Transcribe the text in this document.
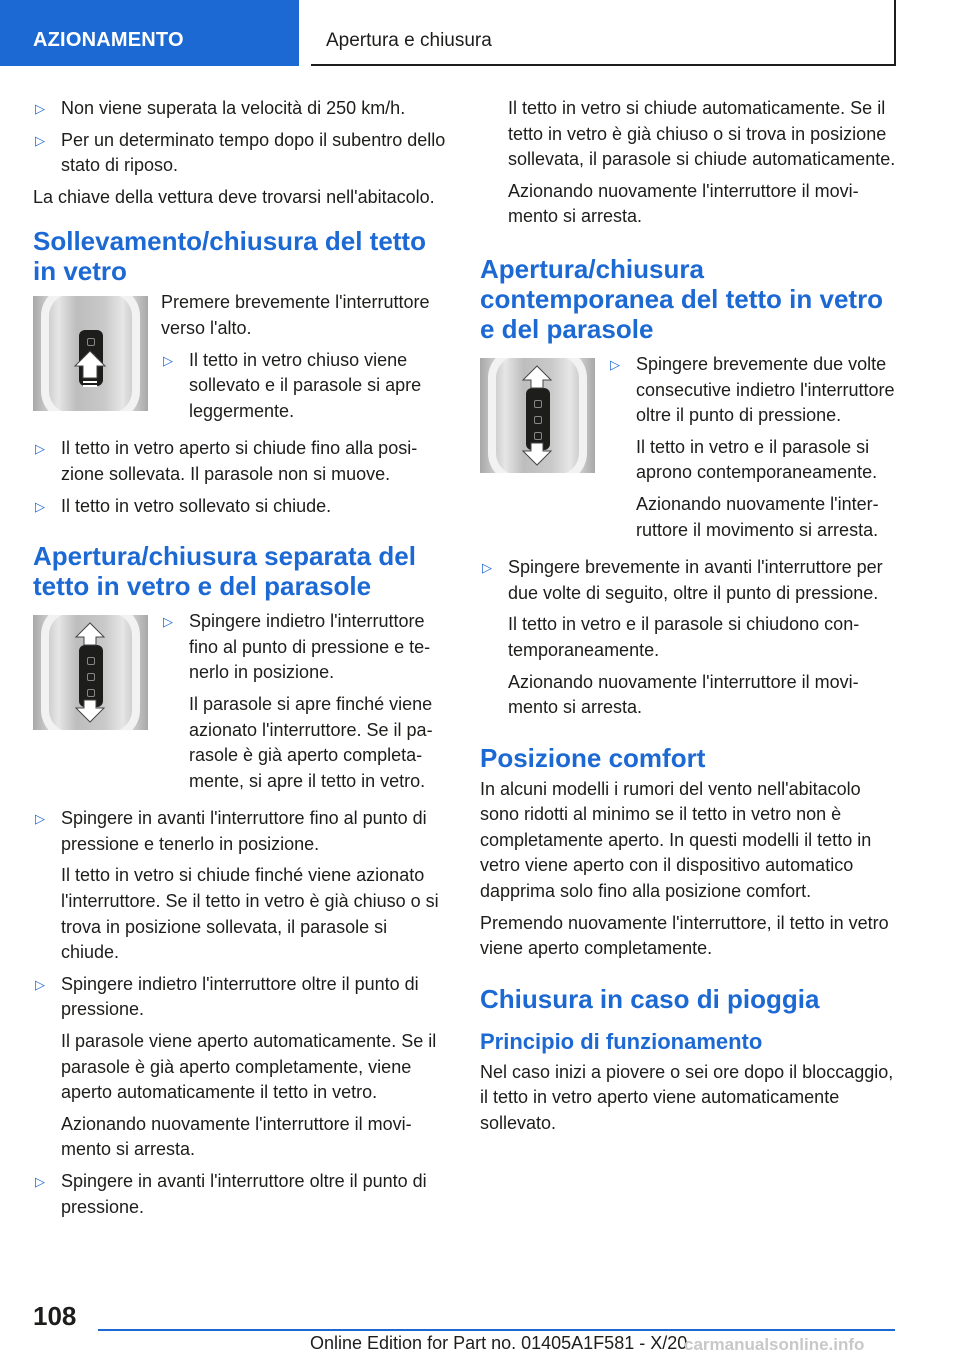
AZIONAMENTO	Apertura e chiusura
▷ Non viene superata la velocità di 250 km/h.
▷ Per un determinato tempo dopo il subentro dello stato di riposo.
La chiave della vettura deve trovarsi nell'abitacolo.
Sollevamento/chiusura del tetto in vetro
Premere brevemente l'interruttore verso l'alto.
▷ Il tetto in vetro chiuso viene sollevato e il parasole si apre leggermente.
▷ Il tetto in vetro aperto si chiude fino alla posizione sollevata. Il parasole non si muove.
▷ Il tetto in vetro sollevato si chiude.
Apertura/chiusura separata del tetto in vetro e del parasole
▷ Spingere indietro l'interruttore fino al punto di pressione e tenerlo in posizione.
Il parasole si apre finché viene azionato l'interruttore. Se il parasole è già aperto completamente, si apre il tetto in vetro.
▷ Spingere in avanti l'interruttore fino al punto di pressione e tenerlo in posizione.
Il tetto in vetro si chiude finché viene azionato l'interruttore. Se il tetto in vetro è già chiuso o si trova in posizione sollevata, il parasole si chiude.
▷ Spingere indietro l'interruttore oltre il punto di pressione.
Il parasole viene aperto automaticamente. Se il parasole è già aperto completamente, viene aperto automaticamente il tetto in vetro.
Azionando nuovamente l'interruttore il movimento si arresta.
▷ Spingere in avanti l'interruttore oltre il punto di pressione.
Il tetto in vetro si chiude automaticamente. Se il tetto in vetro è già chiuso o si trova in posizione sollevata, il parasole si chiude automaticamente.
Azionando nuovamente l'interruttore il movimento si arresta.
Apertura/chiusura contemporanea del tetto in vetro e del parasole
▷ Spingere brevemente due volte consecutive indietro l'interruttore oltre il punto di pressione.
Il tetto in vetro e il parasole si aprono contemporaneamente.
Azionando nuovamente l'interruttore il movimento si arresta.
▷ Spingere brevemente in avanti l'interruttore per due volte di seguito, oltre il punto di pressione.
Il tetto in vetro e il parasole si chiudono contemporaneamente.
Azionando nuovamente l'interruttore il movimento si arresta.
Posizione comfort
In alcuni modelli i rumori del vento nell'abitacolo sono ridotti al minimo se il tetto in vetro non è completamente aperto. In questi modelli il tetto in vetro viene aperto con il dispositivo automatico dapprima solo fino alla posizione comfort.
Premendo nuovamente l'interruttore, il tetto in vetro viene aperto completamente.
Chiusura in caso di pioggia
Principio di funzionamento
Nel caso inizi a piovere o sei ore dopo il bloccaggio, il tetto in vetro aperto viene automaticamente sollevato.
108
Online Edition for Part no. 01405A1F581 - X/20
carmanualsonline.info
